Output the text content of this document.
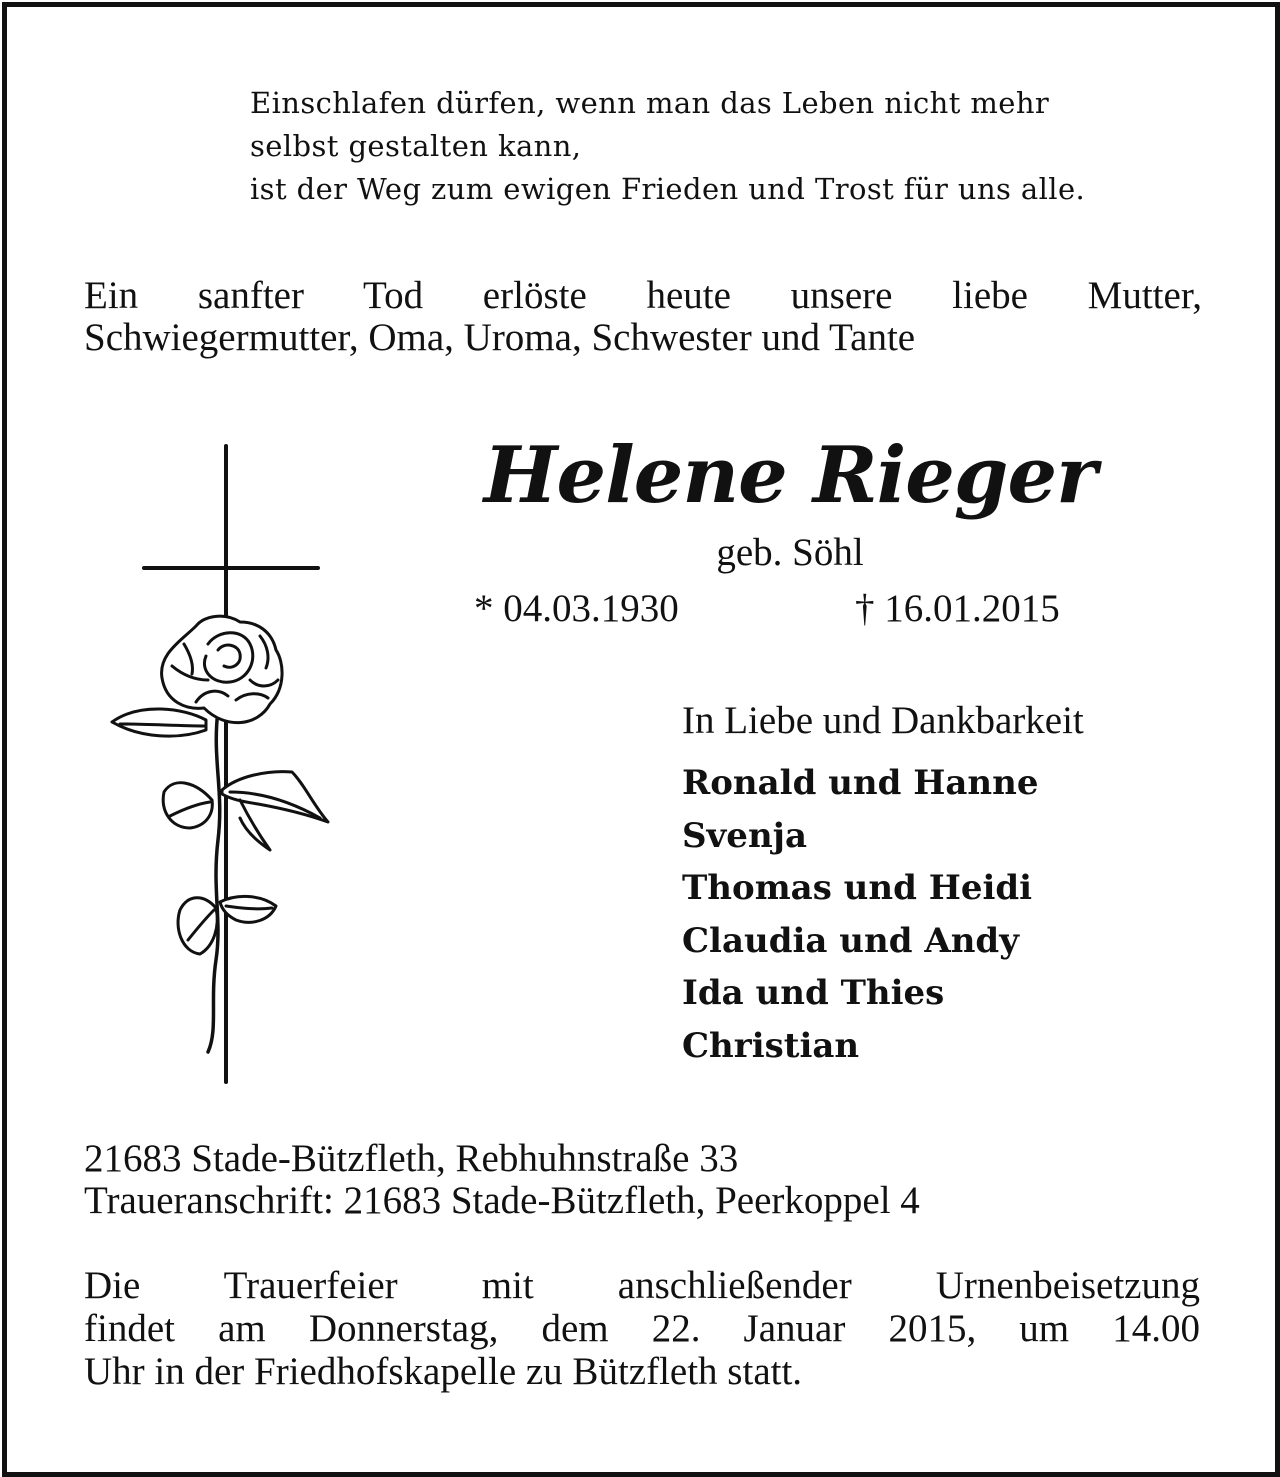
Einschlafen dürfen, wenn man das Leben nicht mehr
selbst gestalten kann,
ist der Weg zum ewigen Frieden und Trost für uns alle.
Ein sanfter Tod erlöste heute unsere liebe Mutter,
Schwiegermutter, Oma, Uroma, Schwester und Tante
Helene Rieger
geb. Söhl
* 04.03.1930	† 16.01.2015
In Liebe und Dankbarkeit
Ronald und Hanne
Svenja
Thomas und Heidi
Claudia und Andy
Ida und Thies
Christian
21683 Stade-Bützfleth, Rebhuhnstraße 33
Traueranschrift: 21683 Stade-Bützfleth, Peerkoppel 4
Die Trauerfeier mit anschließender Urnenbeisetzung
findet am Donnerstag, dem 22. Januar 2015, um 14.00
Uhr in der Friedhofskapelle zu Bützfleth statt.
